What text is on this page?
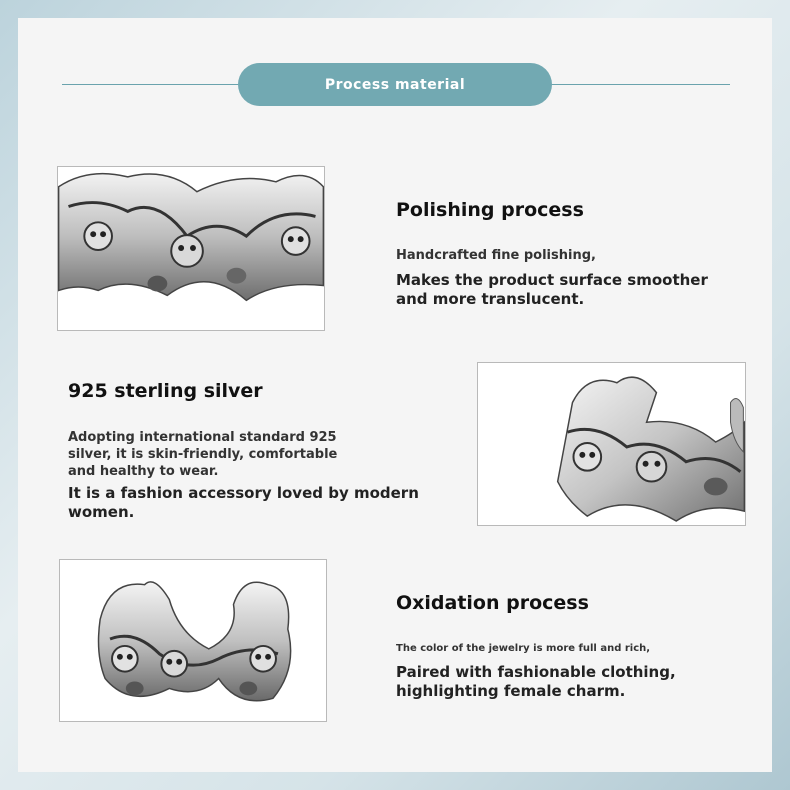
Process material
Polishing process
Handcrafted fine polishing,
Makes the product surface smoother
and more translucent.
925 sterling silver
Adopting international standard 925
silver, it is skin-friendly, comfortable
and healthy to wear.
It is a fashion accessory loved by modern
women.
Oxidation process
The color of the jewelry is more full and rich,
Paired with fashionable clothing,
highlighting female charm.
